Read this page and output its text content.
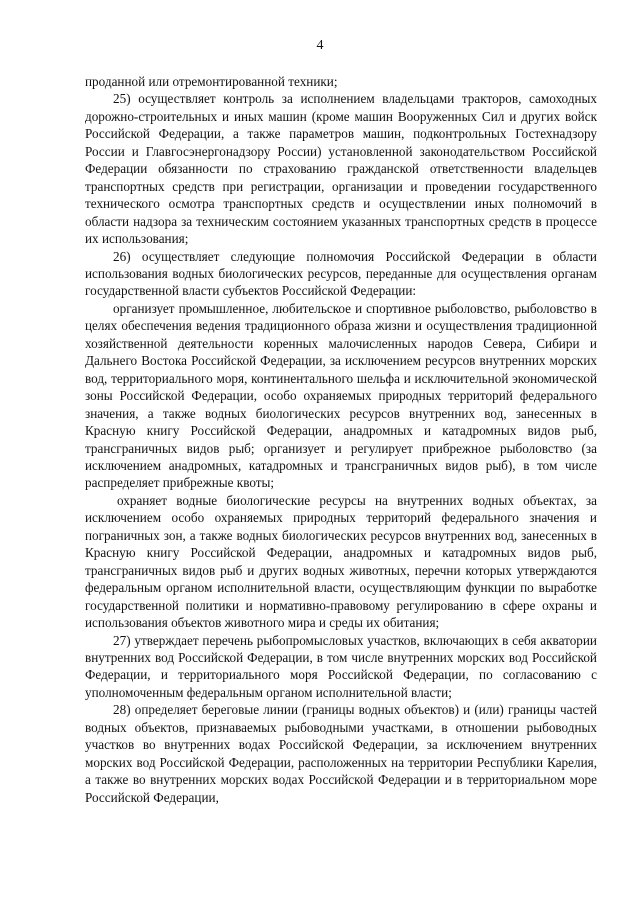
4

проданной или отремонтированной техники;

25) осуществляет контроль за исполнением владельцами тракторов, самоходных дорожно-строительных и иных машин (кроме машин Вооруженных Сил и других войск Российской Федерации, а также параметров машин, подконтрольных Гостехнадзору России и Главгосэнергонадзору России) установленной законодательством Российской Федерации обязанности по страхованию гражданской ответственности владельцев транспортных средств при регистрации, организации и проведении государственного технического осмотра транспортных средств и осуществлении иных полномочий в области надзора за техническим состоянием указанных транспортных средств в процессе их использования;

26) осуществляет следующие полномочия Российской Федерации в области использования водных биологических ресурсов, переданные для осуществления органам государственной власти субъектов Российской Федерации:

организует промышленное, любительское и спортивное рыболовство, рыболовство в целях обеспечения ведения традиционного образа жизни и осуществления традиционной хозяйственной деятельности коренных малочисленных народов Севера, Сибири и Дальнего Востока Российской Федерации, за исключением ресурсов внутренних морских вод, территориального моря, континентального шельфа и исключительной экономической зоны Российской Федерации, особо охраняемых природных территорий федерального значения, а также водных биологических ресурсов внутренних вод, занесенных в Красную книгу Российской Федерации, анадромных и катадромных видов рыб, трансграничных видов рыб; организует и регулирует прибрежное рыболовство (за исключением анадромных, катадромных и трансграничных видов рыб), в том числе распределяет прибрежные квоты;

охраняет водные биологические ресурсы на внутренних водных объектах, за исключением особо охраняемых природных территорий федерального значения и пограничных зон, а также водных биологических ресурсов внутренних вод, занесенных в Красную книгу Российской Федерации, анадромных и катадромных видов рыб, трансграничных видов рыб и других водных животных, перечни которых утверждаются федеральным органом исполнительной власти, осуществляющим функции по выработке государственной политики и нормативно-правовому регулированию в сфере охраны и использования объектов животного мира и среды их обитания;

27) утверждает перечень рыбопромысловых участков, включающих в себя акватории внутренних вод Российской Федерации, в том числе внутренних морских вод Российской Федерации, и территориального моря Российской Федерации, по согласованию с уполномоченным федеральным органом исполнительной власти;

28) определяет береговые линии (границы водных объектов) и (или) границы частей водных объектов, признаваемых рыбоводными участками, в отношении рыбоводных участков во внутренних водах Российской Федерации, за исключением внутренних морских вод Российской Федерации, расположенных на территории Республики Карелия, а также во внутренних морских водах Российской Федерации и в территориальном море Российской Федерации,
